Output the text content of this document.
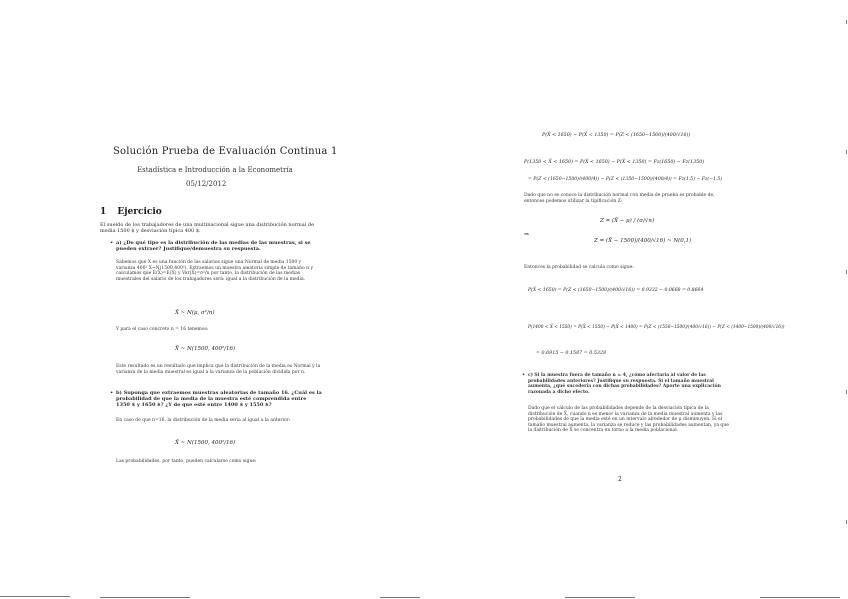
Solución Prueba de Evaluación Continua 1
Estadística e Introducción a la Econometría
05/12/2012
1 Ejercicio
El sueldo de los trabajadores de una multinacional sigue una distribución normal de media 1500 $ y desviación típica 400 $.
• a) ¿De qué tipo es la distribución de las medias de las muestras, si se pueden extraer? Justifique/demuestra su respuesta.
Sabemos que X es una función de las salarios sigue una Normal de media 1500 y varianza 400² X~N(1500,400²). Extraemos un muestra aleatoria simple de tamaño n y calculamos que E(X̄)=E(X) y Var(X̄)=σ²/n por tanto, la distribución de las medias muestrales del salario de los trabajadores será: igual a la distribución de la media.
X̄ ~ N(μ, σ²/n)
Y para el caso concreto n = 16 tenemos:
X̄ ~ N(1500, 400²/16)
Este resultado es un resultado que implica que la distribución de la media es Normal y la varianza de la media muestral es igual a la varianza de la población dividida por n.
• b) Suponga que extraemos muestras aleatorias de tamaño 16. ¿Cuál es la probabilidad de que la media de la muestra esté comprendida entre 1350 $ y 1650 $? ¿Y de que esté entre 1400 $ y 1550 $?
En caso de que n=16, la distribución de la media sería al igual a la anterior:
X̄ ~ N(1500, 400²/16)
Las probabilidades, por tanto, pueden calcularse como sigue:
P(X̄ < 1650) − P(X̄ < 1350) = P(Z < (1650−1500)/(400/√16))
P(1350 < X̄ < 1650) = P(X̄ < 1650) − P(X̄ < 1350) = Fz(1650) − Fz(1350)
= P(Z < (1650−1500)/(400/4)) − P(Z < (1350−1500)/(400/4)) = Fz(1.5) − Fz(−1.5)
Dado que no se conoce la distribución normal con media de prueba es probable de, entonces podemos utilizar la tipificación Z:
Z = (X̄ − μ) / (σ/√n)
⇒
Z = (X̄ − 1500)/(400/√16) ~ N(0,1)
Entonces la probabilidad se calcula como sigue:
P(X̄ < 1650) = P(Z < (1650−1500)/(400/√16)) = 0.9332 − 0.0668 = 0.8664
P(1400 < X̄ < 1550) = P(X̄ < 1550) − P(X̄ < 1400) = P(Z < (1550−1500)/(400/√16)) − P(Z < (1400−1500)/(400/√16))
= 0.6915 − 0.1587 = 0.5328
• c) Si la muestra fuera de tamaño n = 4, ¿cómo afectaría al valor de las probabilidades anteriores? Justifique su respuesta. Si el tamaño muestral aumenta, ¿qué sucedería con dichas probabilidades? Aporte una explicación razonada a dicho efecto.
Dado que el cálculo de las probabilidades depende de la desviación típica de la distribución de X̄, cuando n es menor la varianza de la media muestral aumenta y las probabilidades de que la media esté en un intervalo alrededor de μ disminuyen. Si el tamaño muestral aumenta, la varianza se reduce y las probabilidades aumentan, ya que la distribución de X̄ se concentra en torno a la media poblacional.
2
